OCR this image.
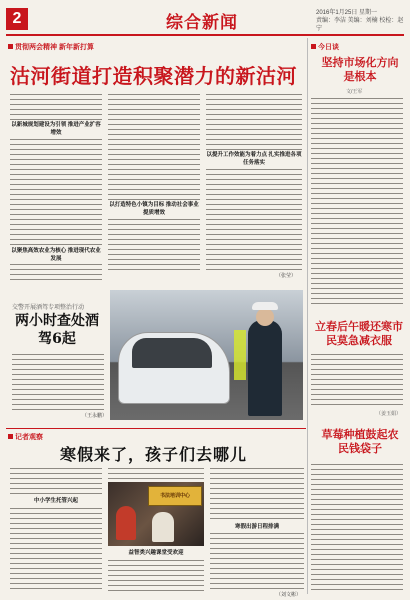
2	综合新闻	2016年1月25日 星期一
责编：李洁 美编：刘楠 校检：赵宁
贯彻两会精神 新年新打算
沽河街道打造积聚潜力的新沽河
以新城规划建设为引领 推进产业扩容增效
以聚焦高效农业为核心 推进现代农业发展
以打造特色小镇为目标 推动社会事业提质增效
以提升工作效能为着力点 扎实推进各项任务落实
（张莹）
交警开展酒驾专项整治行动
两小时查处酒驾6起
（王永鹏）
记者观察
寒假来了，孩子们去哪儿
中小学生托管兴起
益智类兴趣课堂受欢迎
寒假出游日程排满
书法培训中心
（刘文彬）
今日谈
坚持市场化方向是根本
文/王军
立春后午暖还寒市民莫急减衣服
（姜玉娟）
草莓种植鼓起农民钱袋子
